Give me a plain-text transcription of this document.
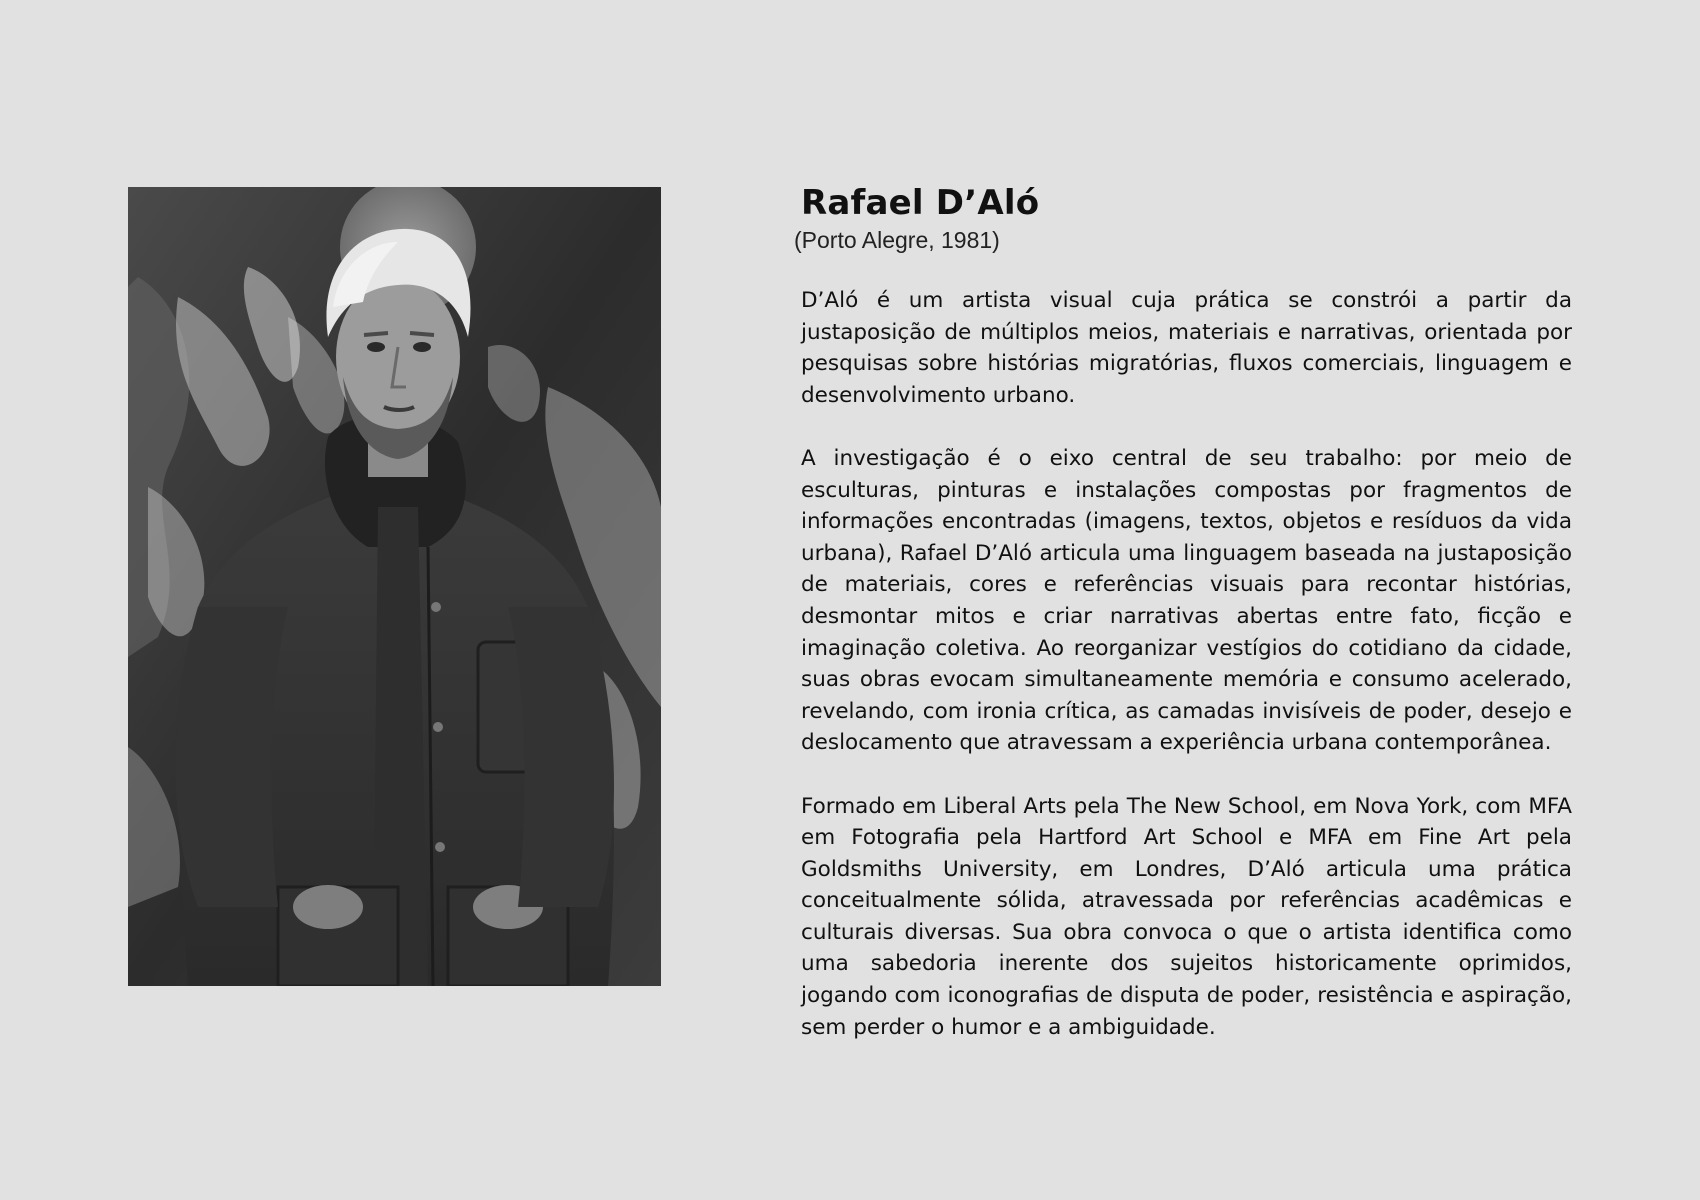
Rafael D’Aló

(Porto Alegre, 1981)

D’Aló é um artista visual cuja prática se constrói a partir da justaposição de múltiplos meios, materiais e narrativas, orientada por pesquisas sobre histórias migratórias, fluxos comerciais, linguagem e desenvolvimento urbano.

A investigação é o eixo central de seu trabalho: por meio de esculturas, pinturas e instalações compostas por fragmentos de informações encontradas (imagens, textos, objetos e resíduos da vida urbana), Rafael D’Aló articula uma linguagem baseada na justaposição de materiais, cores e referências visuais para recontar histórias, desmontar mitos e criar narrativas abertas entre fato, ficção e imaginação coletiva. Ao reorganizar vestígios do cotidiano da cidade, suas obras evocam simultaneamente memória e consumo acelerado, revelando, com ironia crítica, as camadas invisíveis de poder, desejo e deslocamento que atravessam a experiência urbana contemporânea.

Formado em Liberal Arts pela The New School, em Nova York, com MFA em Fotografia pela Hartford Art School e MFA em Fine Art pela Goldsmiths University, em Londres, D’Aló articula uma prática conceitualmente sólida, atravessada por referências acadêmicas e culturais diversas. Sua obra convoca o que o artista identifica como uma sabedoria inerente dos sujeitos historicamente oprimidos, jogando com iconografias de disputa de poder, resistência e aspiração, sem perder o humor e a ambiguidade.
